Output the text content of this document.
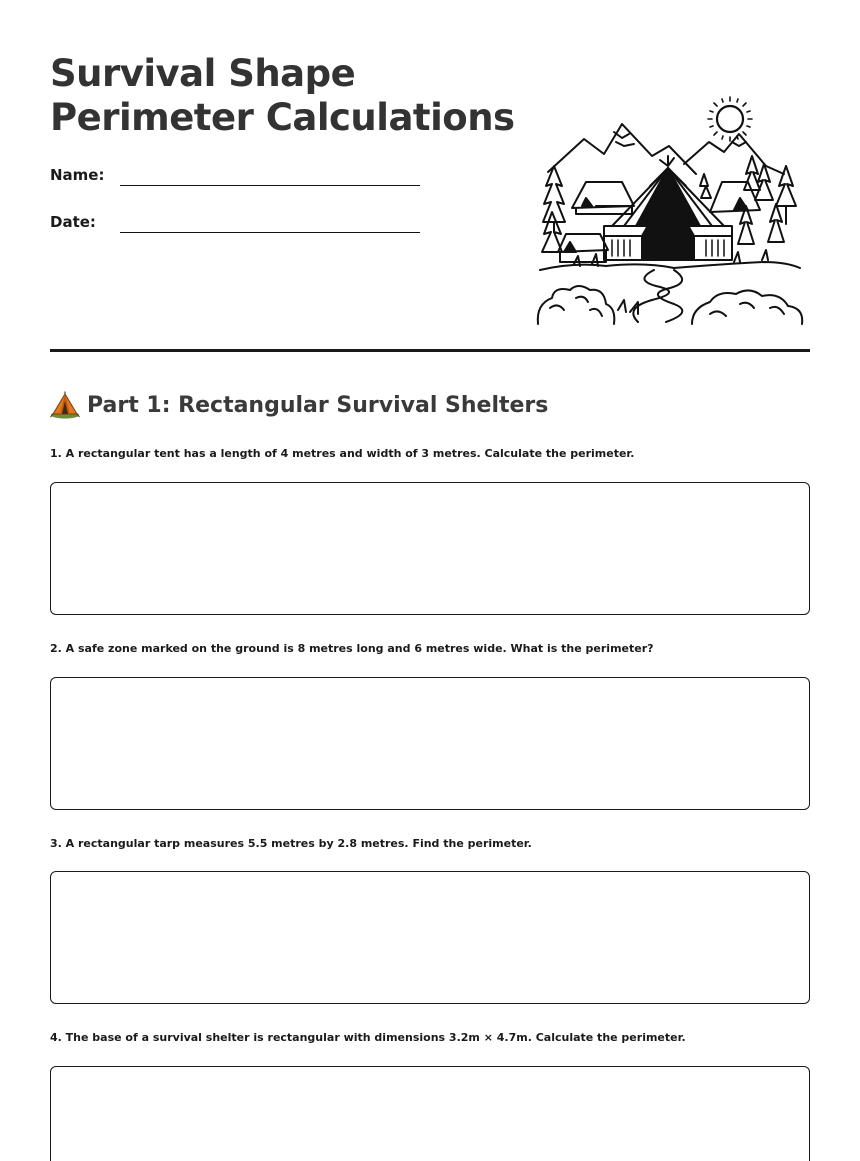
Survival Shape
Perimeter Calculations
Name:
Date:
Part 1: Rectangular Survival Shelters

1. A rectangular tent has a length of 4 metres and width of 3 metres. Calculate the perimeter.

2. A safe zone marked on the ground is 8 metres long and 6 metres wide. What is the perimeter?

3. A rectangular tarp measures 5.5 metres by 2.8 metres. Find the perimeter.

4. The base of a survival shelter is rectangular with dimensions 3.2m × 4.7m. Calculate the perimeter.
